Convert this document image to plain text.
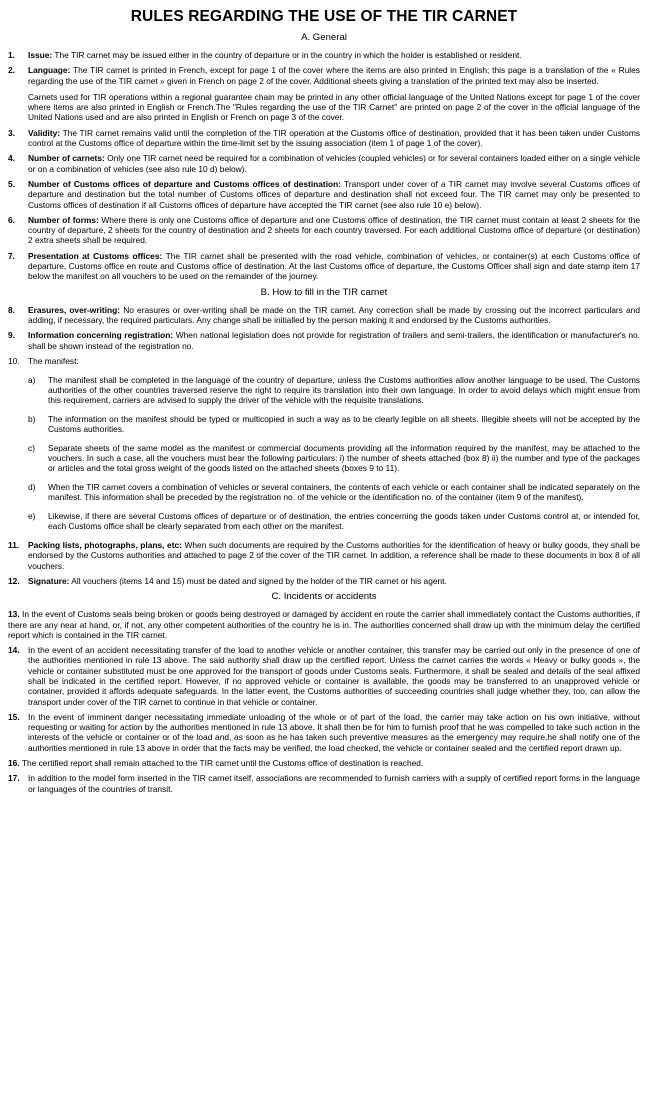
RULES REGARDING THE USE OF THE TIR CARNET
A. General
1. Issue: The TIR carnet may be issued either in the country of departure or in the country in which the holder is established or resident.

2. Language: The TIR carnet is printed in French, except for page 1 of the cover where the items are also printed in English; this page is a translation of the « Rules regarding the use of the TIR carnet » given in French on page 2 of the cover. Additional sheets giving a translation of the printed text may also be inserted.

Carnets used for TIR operations within a regional guarantee chain may be printed in any other official language of the United Nations except for page 1 of the cover where items are also printed in English or French.The "Rules regarding the use of the TIR Carnet" are printed on page 2 of the cover in the official language of the United Nations used and are also printed in English or French on page 3 of the cover.

3. Validity: The TIR carnet remains valid until the completion of the TIR operation at the Customs office of destination, provided that it has been taken under Customs control at the Customs office of departure within the time-limit set by the issuing association (item 1 of page 1 of the cover).

4. Number of carnets: Only one TIR carnet need be required for a combination of vehicles (coupled vehicles) or for several containers loaded either on a single vehicle or on a combination of vehicles (see also rule 10 d) below).

5. Number of Customs offices of departure and Customs offices of destination: Transport under cover of a TIR carnet may involve several Customs offices of departure and destination but the total number of Customs offices of departure and destination shall not exceed four. The TIR carnet may only be presented to Customs offices of destination if all Customs offices of departure have accepted the TIR carnet (see also rule 10 e) below).

6. Number of forms: Where there is only one Customs office of departure and one Customs office of destination, the TIR carnet must contain at least 2 sheets for the country of departure, 2 sheets for the country of destination and 2 sheets for each country traversed. For each additional Customs office of departure (or destination) 2 extra sheets shall be required.

7. Presentation at Customs offices: The TIR carnet shall be presented with the road vehicle, combination of vehicles, or container(s) at each Customs office of departure, Customs office en route and Customs office of destination. At the last Customs office of departure, the Customs Officer shall sign and date stamp item 17 below the manifest on all vouchers to be used on the remainder of the journey.

B. How to fill in the TIR carnet
8. Erasures, over-writing: No erasures or over-writing shall be made on the TIR carnet. Any correction shall be made by crossing out the incorrect particulars and adding, if necessary, the required particulars. Any change shall be initialled by the person making it and endorsed by the Customs authorities.

9. Information concerning registration: When national legislation does not provide for registration of trailers and semi-trailers, the identification or manufacturer's no. shall be shown instead of the registration no.

10. The manifest:

a) The manifest shall be completed in the language of the country of departure, unless the Customs authorities allow another language to be used. The Customs authorities of the other countries traversed reserve the right to require its translation into their own language. In order to avoid delays which might ensue from this requirement, carriers are advised to supply the driver of the vehicle with the requisite translations.

b) The information on the manifest should be typed or multicopied in such a way as to be clearly legible on all sheets. Illegible sheets will not be accepted by the Customs authorities.

c) Separate sheets of the same model as the manifest or commercial documents providing all the information required by the manifest, may be attached to the vouchers. In such a case, all the vouchers must bear the following particulars: i) the number of sheets attached (box 8) ii) the number and type of the packages or articles and the total gross weight of the goods listed on the attached sheets (boxes 9 to 11).

d) When the TIR carnet covers a combination of vehicles or several containers, the contents of each vehicle or each container shall be indicated separately on the manifest. This information shall be preceded by the registration no. of the vehicle or the identification no. of the container (item 9 of the manifest).

e) Likewise, if there are several Customs offices of departure or of destination, the entries concerning the goods taken under Customs control at, or intended for, each Customs office shall be clearly separated from each other on the manifest.

11. Packing lists, photographs, plans, etc: When such documents are required by the Customs authorities for the identification of heavy or bulky goods, they shall be endorsed by the Customs authorities and attached to page 2 of the cover of the TIR carnet. In addition, a reference shall be made to these documents in box 8 of all vouchers.

12. Signature: All vouchers (items 14 and 15) must be dated and signed by the holder of the TIR carnet or his agent.

C. Incidents or accidents

13. In the event of Customs seals being broken or goods being destroyed or damaged by accident en route the carrier shall immediately contact the Customs authorities, if there are any near at hand, or, if not, any other competent authorities of the country he is in. The authorities concerned shall draw up with the minimum delay the certified report which is contained in the TIR carnet.

14. In the event of an accident necessitating transfer of the load to another vehicle or another container, this transfer may be carried out only in the presence of one of the authorities mentioned in rule 13 above. The said authority shall draw up the certified report. Unless the carnet carries the words « Heavy or bulky goods », the vehicle or container substituted must be one approved for the transport of goods under Customs seals. Furthermore, it shall be sealed and details of the seal affixed shall be indicated in the certified report. However, if no approved vehicle or container is available, the goods may be transferred to an unapproved vehicle or container, provided it affords adequate safeguards. In the latter event, the Customs authorities of succeeding countries shall judge whether they, too, can allow the transport under cover of the TIR carnet to continue in that vehicle or container.

15. In the event of imminent danger necessitating immediate unloading of the whole or of part of the load, the carrier may take action on his own initiative, without requesting or waiting for action by the authorities mentioned in rule 13 above. It shall then be for him to furnish proof that he was compelled to take such action in the interests of the vehicle or container or of the load and, as soon as he has taken such preventive measures as the emergency may require,he shall notify one of the authorities mentioned in rule 13 above in order that the facts may be verified, the load checked, the vehicle or container sealed and the certified report drawn up.

16. The certified report shall remain attached to the TIR carnet until the Customs office of destination is reached.

17. In addition to the model form inserted in the TIR carnet itself, associations are recommended to furnish carriers with a supply of certified report forms in the language or languages of the countries of transit.
